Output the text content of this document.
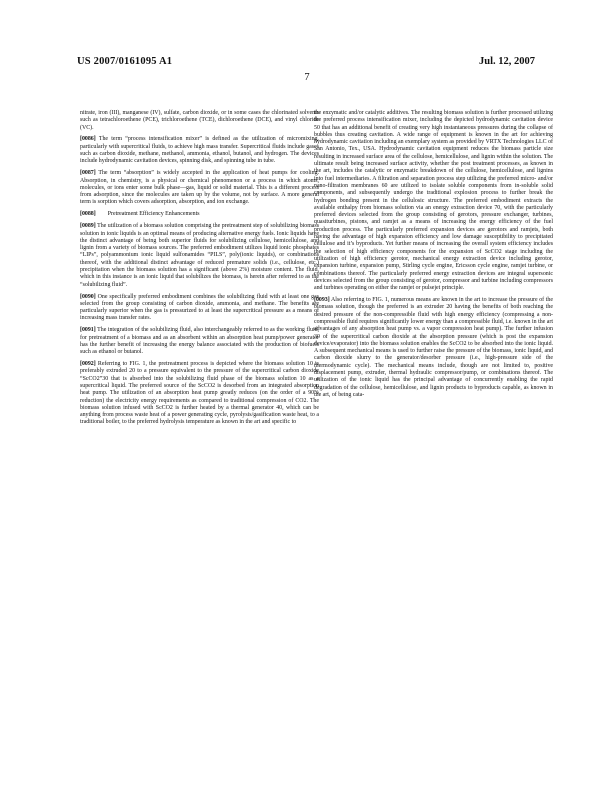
US 2007/0161095 A1	Jul. 12, 2007
7

nitrate, iron (III), manganese (IV), sulfate, carbon dioxide, or in some cases the chlorinated solvents such as tetrachloroethene (PCE), trichloroethene (TCE), dichloroethene (DCE), and vinyl chloride (VC).

[0086] The term “process intensification mixer” is defined as the utilization of micromixing, particularly with supercritical fluids, to achieve high mass transfer. Supercritical fluids include gases such as carbon dioxide, methane, methanol, ammonia, ethanol, butanol, and hydrogen. The devices include hydrodynamic cavitation devices, spinning disk, and spinning tube in tube.

[0087] The term “absorption” is widely accepted in the application of heat pumps for cooling. Absorption, in chemistry, is a physical or chemical phenomenon or a process in which atoms, molecules, or ions enter some bulk phase—gas, liquid or solid material. This is a different process from adsorption, since the molecules are taken up by the volume, not by surface. A more general term is sorption which covers adsorption, absorption, and ion exchange.

[0088] Pretreatment Efficiency Enhancements

[0089] The utilization of a biomass solution comprising the pretreatment step of solubilizing biomass solution in ionic liquids is an optimal means of producing alternative energy fuels. Ionic liquids have the distinct advantage of being both superior fluids for solubilizing cellulose, hemicellulose, and lignin from a variety of biomass sources. The preferred embodiment utilizes liquid ionic phosphates “LIPs”, polyammonium ionic liquid sulfonamides “PILS”, poly(ionic liquids), or combinations thereof, with the additional distinct advantage of reduced premature solids (i.e., cellulose, etc.) precipitation when the biomass solution has a significant (above 2%) moisture content. The fluid, which in this instance is an ionic liquid that solubilizes the biomass, is herein after referred to as the “solubilizing fluid”.

[0090] One specifically preferred embodiment combines the solubilizing fluid with at least one gas selected from the group consisting of carbon dioxide, ammonia, and methane. The benefits are particularly superior when the gas is pressurized to at least the supercritical pressure as a means of increasing mass transfer rates.

[0091] The integration of the solubilizing fluid, also interchangeably referred to as the working fluid, for pretreatment of a biomass and as an absorbent within an absorption heat pump/power generator has the further benefit of increasing the energy balance associated with the production of biofuels such as ethanol or butanol.

[0092] Referring to FIG. 1, the pretreatment process is depicted where the biomass solution 10 is preferably extruded 20 to a pressure equivalent to the pressure of the supercritical carbon dioxide “ScCO2”30 that is absorbed into the solubilizing fluid phase of the biomass solution 10 as a supercritical liquid. The preferred source of the ScCO2 is desorbed from an integrated absorption heat pump. The utilization of an absorption heat pump greatly reduces (on the order of a 90% reduction) the electricity energy requirements as compared to traditional compression of CO2. The biomass solution infused with ScCO2 is further heated by a thermal generator 40, which can be anything from process waste heat of a power generating cycle, pyrolysis/gasification waste heat, to a traditional boiler, to the preferred hydrolysis temperature as known in the art and specific to

the enzymatic and/or catalytic additives. The resulting biomass solution is further processed utilizing the preferred process intensification mixer, including the depicted hydrodynamic cavitation device 50 that has an additional benefit of creating very high instantaneous pressures during the collapse of bubbles thus creating cavitation. A wide range of equipment is known in the art for achieving hydrodynamic cavitation including an exemplary system as provided by VRTX Technologies LLC of San Antonio, Tex., USA. Hydrodynamic cavitation equipment reduces the biomass particle size resulting in increased surface area of the cellulose, hemicellulose, and lignin within the solution. The ultimate result being increased surface activity, whether the post treatment processes, as known in the art, includes the catalytic or enzymatic breakdown of the cellulose, hemicellulose, and lignins into fuel intermediaries. A filtration and separation process step utilizing the preferred micro- and/or nano-filtration membranes 60 are utilized to isolate soluble components from in-soluble solid components, and subsequently undergo the traditional explosion process to further break the hydrogen bonding present in the cellulosic structure. The preferred embodiment extracts the available enthalpy from biomass solution via an energy extraction device 70, with the particularly preferred devices selected from the group consisting of gerotors, pressure exchanger, turbines, quasiturbines, pistons, and ramjet as a means of increasing the energy efficiency of the fuel production process. The particularly preferred expansion devices are gerotors and ramjets, both having the advantage of high expansion efficiency and low damage susceptibility to precipitated cellulose and it’s byproducts. Yet further means of increasing the overall system efficiency includes the selection of high efficiency components for the expansion of ScCO2 stage including the utilization of high efficiency gerotor, mechanical energy extraction device including gerotor, expansion turbine, expansion pump, Stirling cycle engine, Ericsson cycle engine, ramjet turbine, or combinations thereof. The particularly preferred energy extraction devices are integral supersonic devices selected from the group consisting of gerotor, compressor and turbine including compressors and turbines operating on either the ramjet or pulsejet principle.

[0093] Also referring to FIG. 1, numerous means are known in the art to increase the pressure of the biomass solution, though the preferred is an extruder 20 having the benefits of both reaching the desired pressure of the non-compressible fluid with high energy efficiency (compressing a non-compressible fluid requires significantly lower energy than a compressible fluid, i.e. known in the art advantages of any absorption heat pump vs. a vapor compression heat pump). The further infusion 30 of the supercritical carbon dioxide at the absorption pressure (which is post the expansion device/evaporator) into the biomass solution enables the ScCO2 to be absorbed into the ionic liquid. A subsequent mechanical means is used to further raise the pressure of the biomass, ionic liquid, and carbon dioxide slurry to the generator/desorber pressure (i.e., high-pressure side of the thermodynamic cycle). The mechanical means include, though are not limited to, positive displacement pump, extruder, thermal hydraulic compressor/pump, or combinations thereof. The utilization of the ionic liquid has the principal advantage of concurrently enabling the rapid degradation of the cellulose, hemicellulose, and lignin products to byproducts capable, as known in the art, of being cata-
